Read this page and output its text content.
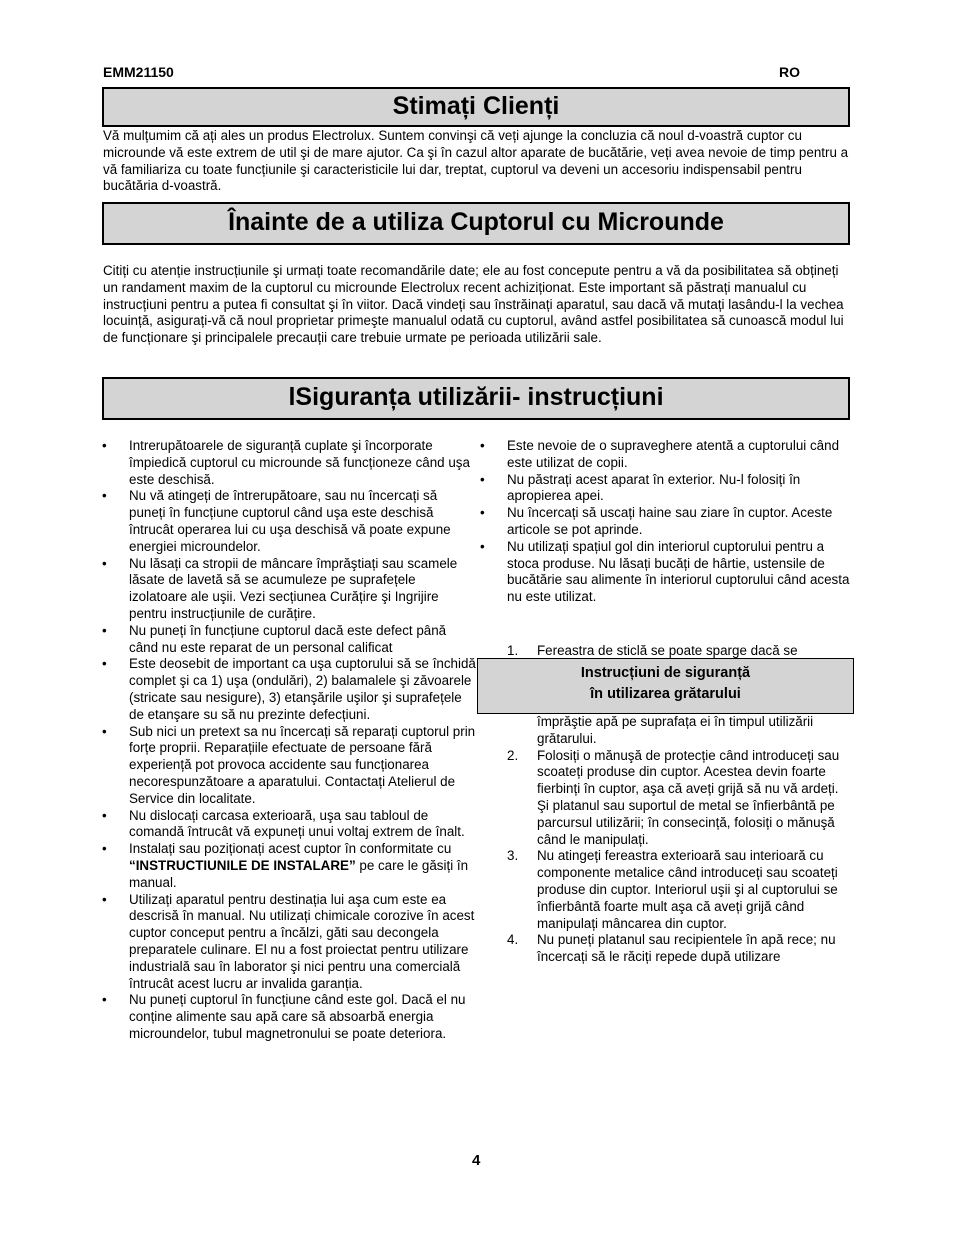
EMM21150	RO
Stimați Clienți
Vă mulțumim că ați ales un produs Electrolux. Suntem convinşi că veți ajunge la concluzia că noul d-voastră cuptor cu microunde vă este extrem de util şi de mare ajutor. Ca şi în cazul altor aparate de bucătărie, veți avea nevoie de timp pentru a vă familiariza cu toate funcțiunile şi caracteristicile lui dar, treptat, cuptorul va deveni un accesoriu indispensabil pentru bucătăria d-voastră.
Înainte de a utiliza Cuptorul cu Microunde
Citiți cu atenție instrucțiunile şi urmați toate recomandările date; ele au fost concepute pentru a vă da posibilitatea să obțineți un randament maxim de la cuptorul cu microunde Electrolux recent achiziționat. Este important să păstrați manualul cu instrucțiuni pentru a putea fi consultat şi în viitor. Dacă vindeți sau înstrăinați aparatul, sau dacă vă mutați lasându-l la vechea locuință, asigurați-vă că noul proprietar primeşte manualul odată cu cuptorul, având astfel posibilitatea să cunoască modul lui de funcționare şi principalele precauții care trebuie urmate pe perioada utilizării sale.
lSiguranța utilizării- instrucțiuni
• Intrerupătoarele de siguranță cuplate şi încorporate împiedică cuptorul cu microunde să funcționeze când uşa este deschisă.
• Nu vă atingeți de întrerupătoare, sau nu încercați să puneți în funcțiune cuptorul când uşa este deschisă întrucât operarea lui cu uşa deschisă vă poate expune energiei microundelor.
• Nu lăsați ca stropii de mâncare împrăştiați sau scamele lăsate de lavetă să se acumuleze pe suprafețele izolatoare ale uşii. Vezi secțiunea Curățire şi Ingrijire pentru instrucțiunile de curățire.
• Nu puneți în funcțiune cuptorul dacă este defect până când nu este reparat de un personal calificat
• Este deosebit de important ca uşa cuptorului să se închidă complet şi ca 1) uşa (ondulări), 2) balamalele şi zăvoarele (stricate sau nesigure), 3) etanşările uşilor şi suprafețele de etanşare su să nu prezinte defecțiuni.
• Sub nici un pretext sa nu încercați să reparați cuptorul prin forțe proprii. Reparațiile efectuate de persoane fără experiență pot provoca accidente sau funcționarea necorespunzătoare a aparatului. Contactați Atelierul de Service din localitate.
• Nu dislocați carcasa exterioară, uşa sau tabloul de comandă întrucât vă expuneți unui voltaj extrem de înalt.
• Instalați sau poziționați acest cuptor în conformitate cu
“INSTRUCTIUNILE DE INSTALARE” pe care le găsiți în manual.
• Utilizați aparatul pentru destinația lui aşa cum este ea descrisă în manual. Nu utilizați chimicale corozive în acest cuptor conceput pentru a încălzi, găti sau decongela preparatele culinare. El nu a fost proiectat pentru utilizare
industrială sau în laborator şi nici pentru una comercială întrucât acest lucru ar invalida garanția.
• Nu puneți cuptorul în funcțiune când este gol. Dacă el nu conține alimente sau apă care să absoarbă energia microundelor, tubul magnetronului se poate deteriora.
• Este nevoie de o supraveghere atentă a cuptorului când este utilizat de copii.
• Nu păstrați acest aparat în exterior. Nu-l folosiți în apropierea apei.
• Nu încercați să uscați haine sau ziare în cuptor. Aceste articole se pot aprinde.
• Nu utilizați spațiul gol din interiorul cuptorului pentru a stoca produse. Nu lăsați bucăți de hârtie, ustensile de bucătărie sau alimente în interiorul cuptorului când acesta nu este utilizat.
1. Fereastra de sticlă se poate sparge dacă se
Instrucțiuni de siguranță
în utilizarea grătarului
împrăştie apă pe suprafața ei în timpul utilizării grătarului.
2. Folosiți o mănuşă de protecție când introduceți sau scoateți produse din cuptor. Acestea devin foarte fierbinți în cuptor, aşa că aveți grijă să nu vă ardeți. Şi platanul sau suportul de metal se înfierbântă pe parcursul utilizării; în consecință, folosiți o mănuşă când le manipulați.
3. Nu atingeți fereastra exterioară sau interioară cu componente metalice când introduceți sau scoateți produse din cuptor. Interiorul uşii şi al cuptorului se înfierbântă foarte mult aşa că aveți grijă când manipulați mâncarea din cuptor.
4. Nu puneți platanul sau recipientele în apă rece; nu încercați să le răciți repede după utilizare
4
